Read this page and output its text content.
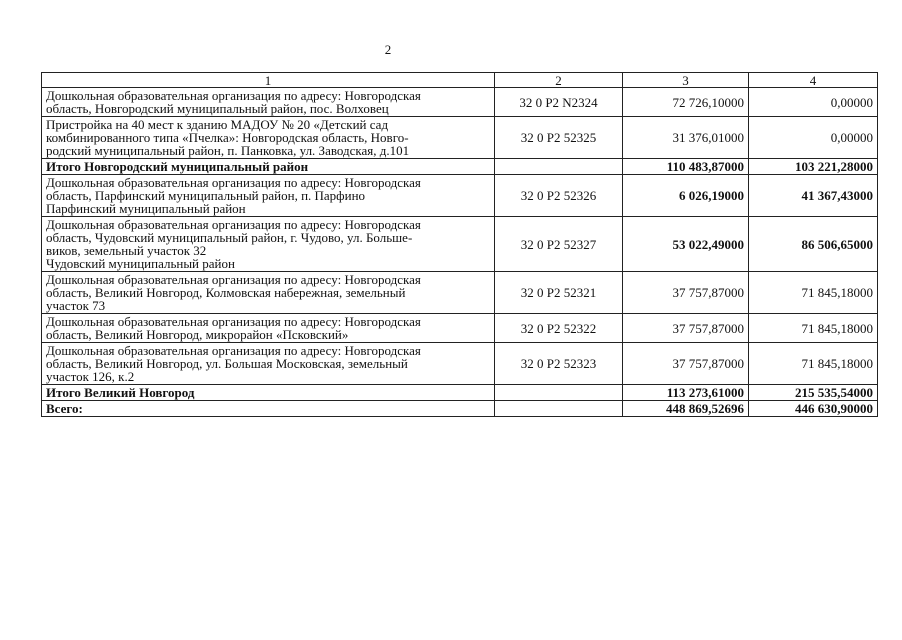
2
1	2	3	4
Дошкольная образовательная организация по адресу: Новгородская
область, Новгородский муниципальный район, пос. Волховец	32 0 P2 N2324	72 726,10000	0,00000
Пристройка на 40 мест к зданию МАДОУ № 20 «Детский сад
комбинированного типа «Пчелка»: Новгородская область, Новго-
родский муниципальный район, п. Панковка, ул. Заводская, д.101	32 0 P2 52325	31 376,01000	0,00000
Итого Новгородский муниципальный район		110 483,87000	103 221,28000
Дошкольная образовательная организация по адресу: Новгородская
область, Парфинский муниципальный район, п. Парфино
Парфинский муниципальный район	32 0 P2 52326	6 026,19000	41 367,43000
Дошкольная образовательная организация по адресу: Новгородская
область, Чудовский муниципальный район, г. Чудово, ул. Больше-
виков, земельный участок 32
Чудовский муниципальный район	32 0 P2 52327	53 022,49000	86 506,65000
Дошкольная образовательная организация по адресу: Новгородская
область, Великий Новгород, Колмовская набережная, земельный
участок 73	32 0 P2 52321	37 757,87000	71 845,18000
Дошкольная образовательная организация по адресу: Новгородская
область, Великий Новгород, микрорайон «Псковский»	32 0 P2 52322	37 757,87000	71 845,18000
Дошкольная образовательная организация по адресу: Новгородская
область, Великий Новгород, ул. Большая Московская, земельный
участок 126, к.2	32 0 P2 52323	37 757,87000	71 845,18000
Итого Великий Новгород		113 273,61000	215 535,54000
Всего:		448 869,52696	446 630,90000
